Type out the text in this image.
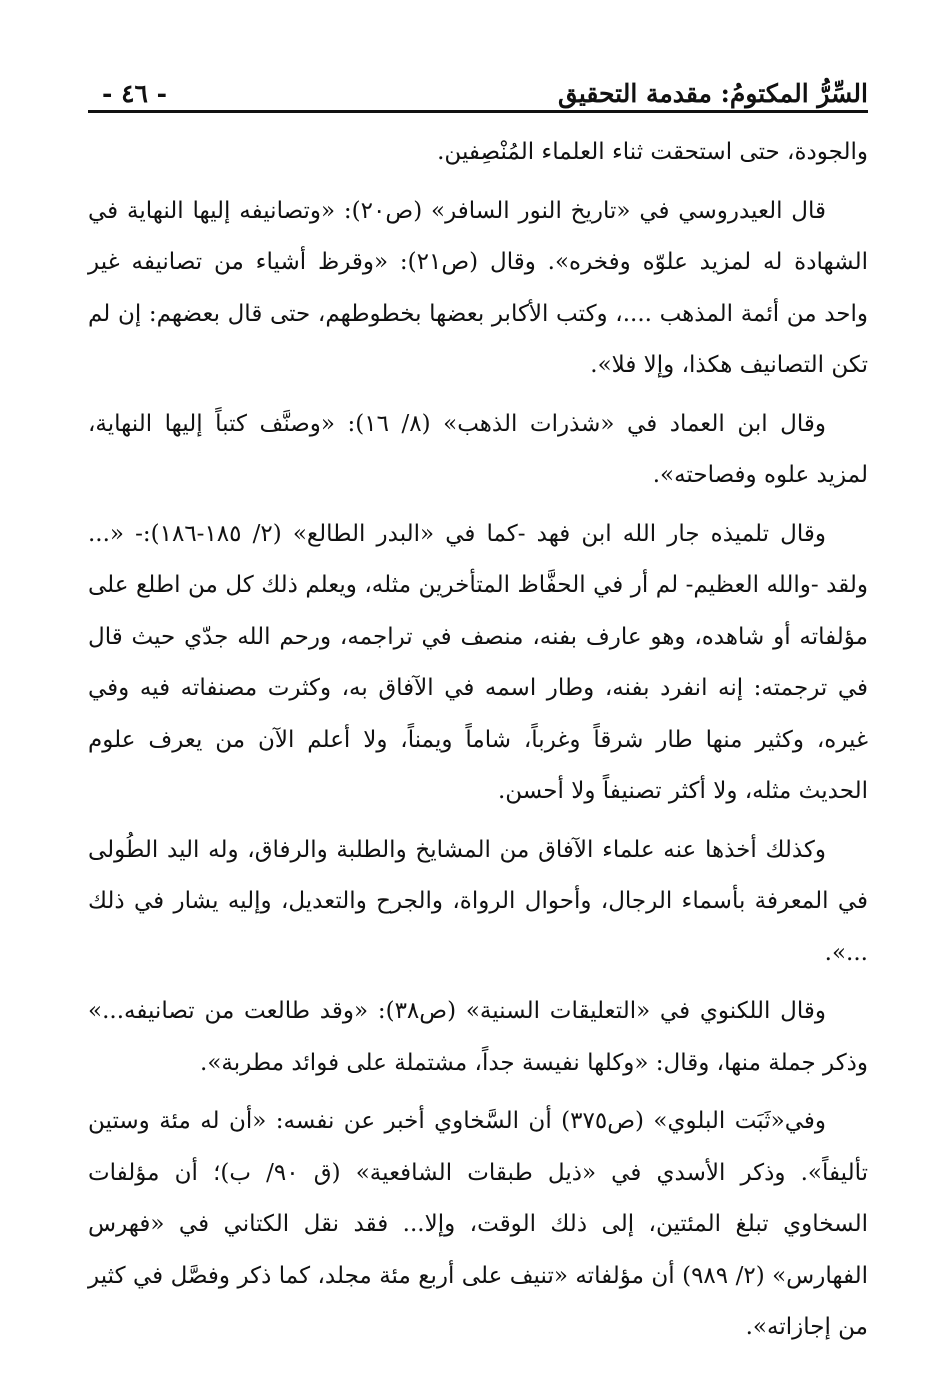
السِّرُّ المكتومُ: مقدمة التحقيق
- ٤٦ -

والجودة، حتى استحقت ثناء العلماء المُنْصِفين.

قال العيدروسي في «تاريخ النور السافر» (ص٢٠): «وتصانيفه إليها النهاية في الشهادة له لمزيد علوّه وفخره». وقال (ص٢١): «وقرظ أشياء من تصانيفه غير واحد من أئمة المذهب ....، وكتب الأكابر بعضها بخطوطهم، حتى قال بعضهم: إن لم تكن التصانيف هكذا، وإلا فلا».

وقال ابن العماد في «شذرات الذهب» (٨/ ١٦): «وصنَّف كتباً إليها النهاية، لمزيد علوه وفصاحته».

وقال تلميذه جار الله ابن فهد -كما في «البدر الطالع» (٢/ ١٨٥-١٨٦):- «... ولقد -والله العظيم- لم أر في الحفَّاظ المتأخرين مثله، ويعلم ذلك كل من اطلع على مؤلفاته أو شاهده، وهو عارف بفنه، منصف في تراجمه، ورحم الله جدّي حيث قال في ترجمته: إنه انفرد بفنه، وطار اسمه في الآفاق به، وكثرت مصنفاته فيه وفي غيره، وكثير منها طار شرقاً وغرباً، شاماً ويمناً، ولا أعلم الآن من يعرف علوم الحديث مثله، ولا أكثر تصنيفاً ولا أحسن.

وكذلك أخذها عنه علماء الآفاق من المشايخ والطلبة والرفاق، وله اليد الطُولى في المعرفة بأسماء الرجال، وأحوال الرواة، والجرح والتعديل، وإليه يشار في ذلك ...».

وقال اللكنوي في «التعليقات السنية» (ص٣٨): «وقد طالعت من تصانيفه...» وذكر جملة منها، وقال: «وكلها نفيسة جداً، مشتملة على فوائد مطربة».

وفي«ثَبَت البلوي» (ص٣٧٥) أن السَّخاوي أخبر عن نفسه: «أن له مئة وستين تأليفاً». وذكر الأسدي في «ذيل طبقات الشافعية» (ق ٩٠/ ب)؛ أن مؤلفات السخاوي تبلغ المئتين، إلى ذلك الوقت، وإلا... فقد نقل الكتاني في «فهرس الفهارس» (٢/ ٩٨٩) أن مؤلفاته «تنيف على أربع مئة مجلد، كما ذكر وفصَّل في كثير من إجازاته».
